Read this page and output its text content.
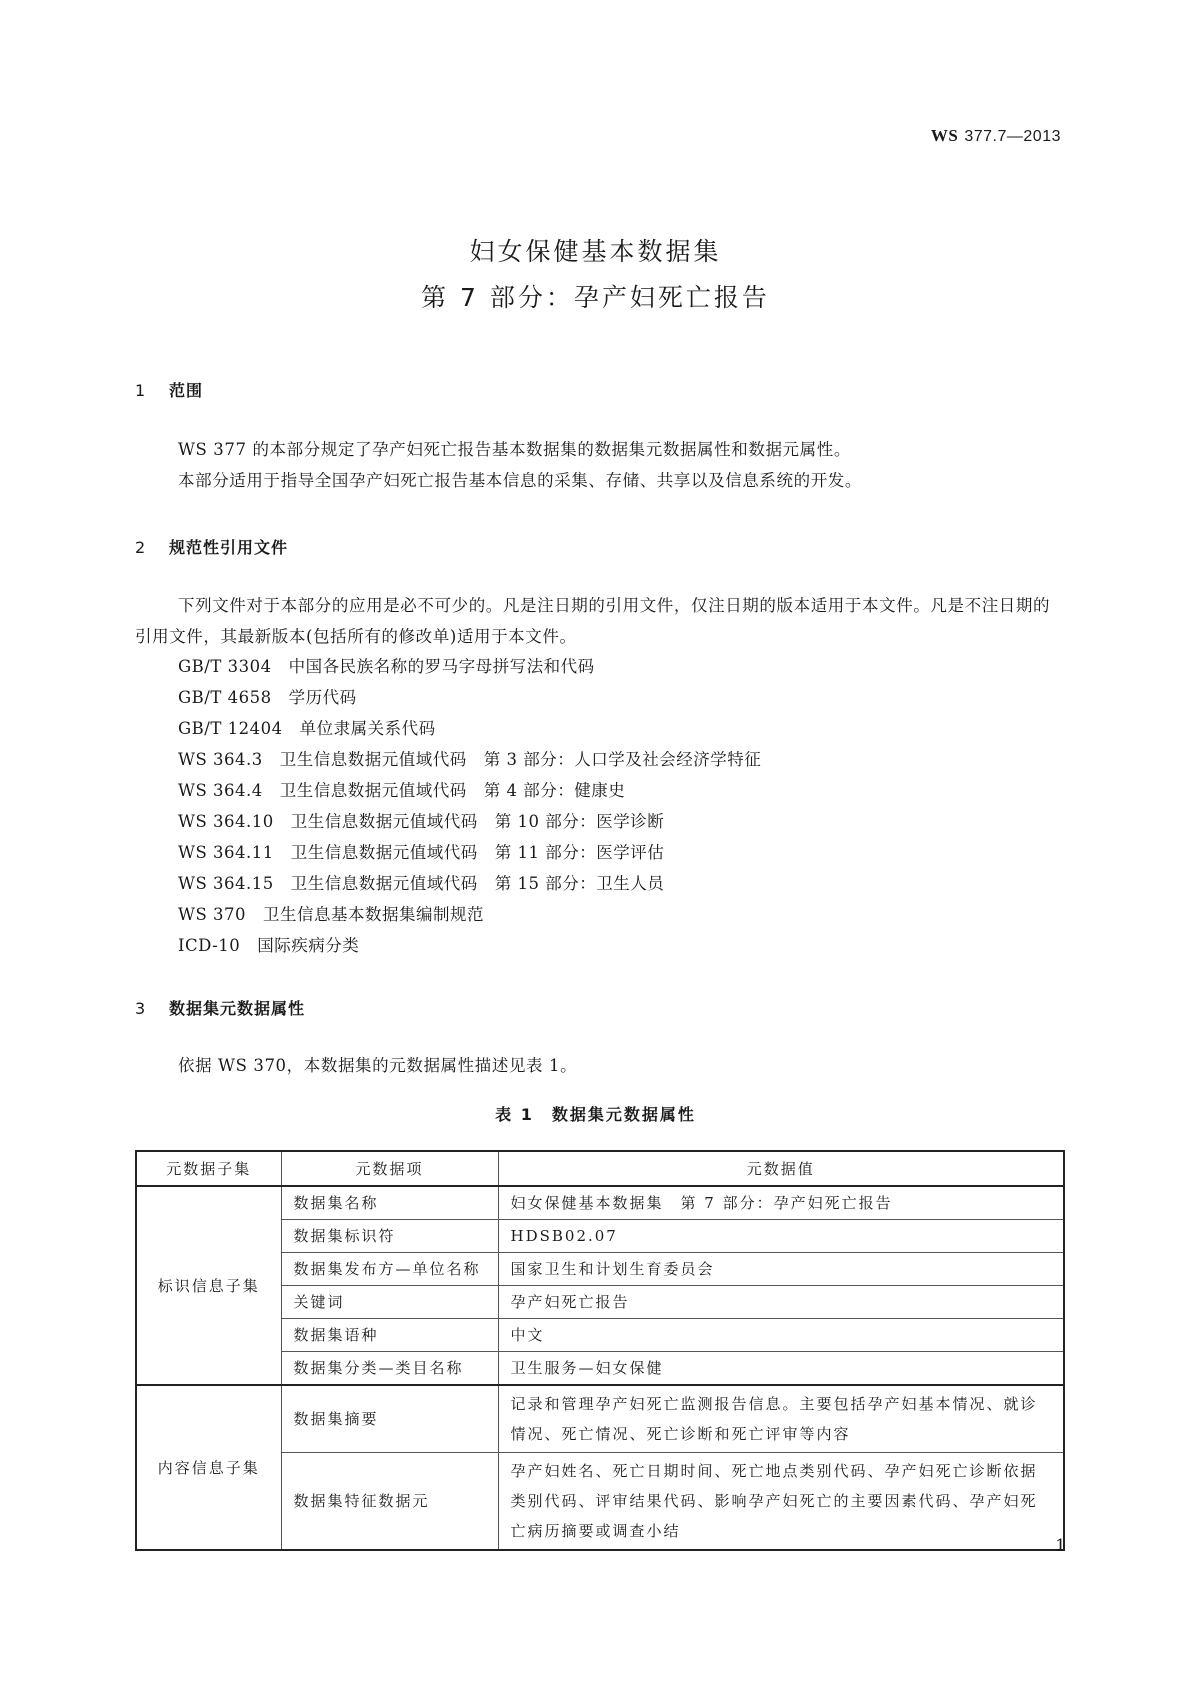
WS 377.7—2013
妇女保健基本数据集
第 7 部分：孕产妇死亡报告
1 范围
WS 377 的本部分规定了孕产妇死亡报告基本数据集的数据集元数据属性和数据元属性。
本部分适用于指导全国孕产妇死亡报告基本信息的采集、存储、共享以及信息系统的开发。
2 规范性引用文件
下列文件对于本部分的应用是必不可少的。凡是注日期的引用文件，仅注日期的版本适用于本文件。凡是不注日期的引用文件，其最新版本(包括所有的修改单)适用于本文件。
GB/T 3304　 中国各民族名称的罗马字母拼写法和代码
GB/T 4658　 学历代码
GB/T 12404　 单位隶属关系代码
WS 364.3　 卫生信息数据元值域代码　第 3 部分：人口学及社会经济学特征
WS 364.4　 卫生信息数据元值域代码　第 4 部分：健康史
WS 364.10　 卫生信息数据元值域代码　第 10 部分：医学诊断
WS 364.11　 卫生信息数据元值域代码　第 11 部分：医学评估
WS 364.15　 卫生信息数据元值域代码　第 15 部分：卫生人员
WS 370　 卫生信息基本数据集编制规范
ICD-10　 国际疾病分类
3 数据集元数据属性
依据 WS 370，本数据集的元数据属性描述见表 1。
表 1　数据集元数据属性
元数据子集	元数据项	元数据值
标识信息子集	数据集名称	妇女保健基本数据集　第 7 部分：孕产妇死亡报告
	数据集标识符	HDSB02.07
	数据集发布方—单位名称	国家卫生和计划生育委员会
	关键词	孕产妇死亡报告
	数据集语种	中文
	数据集分类—类目名称	卫生服务—妇女保健
内容信息子集	数据集摘要	记录和管理孕产妇死亡监测报告信息。主要包括孕产妇基本情况、就诊情况、死亡情况、死亡诊断和死亡评审等内容
	数据集特征数据元	孕产妇姓名、死亡日期时间、死亡地点类别代码、孕产妇死亡诊断依据类别代码、评审结果代码、影响孕产妇死亡的主要因素代码、孕产妇死亡病历摘要或调查小结
1
